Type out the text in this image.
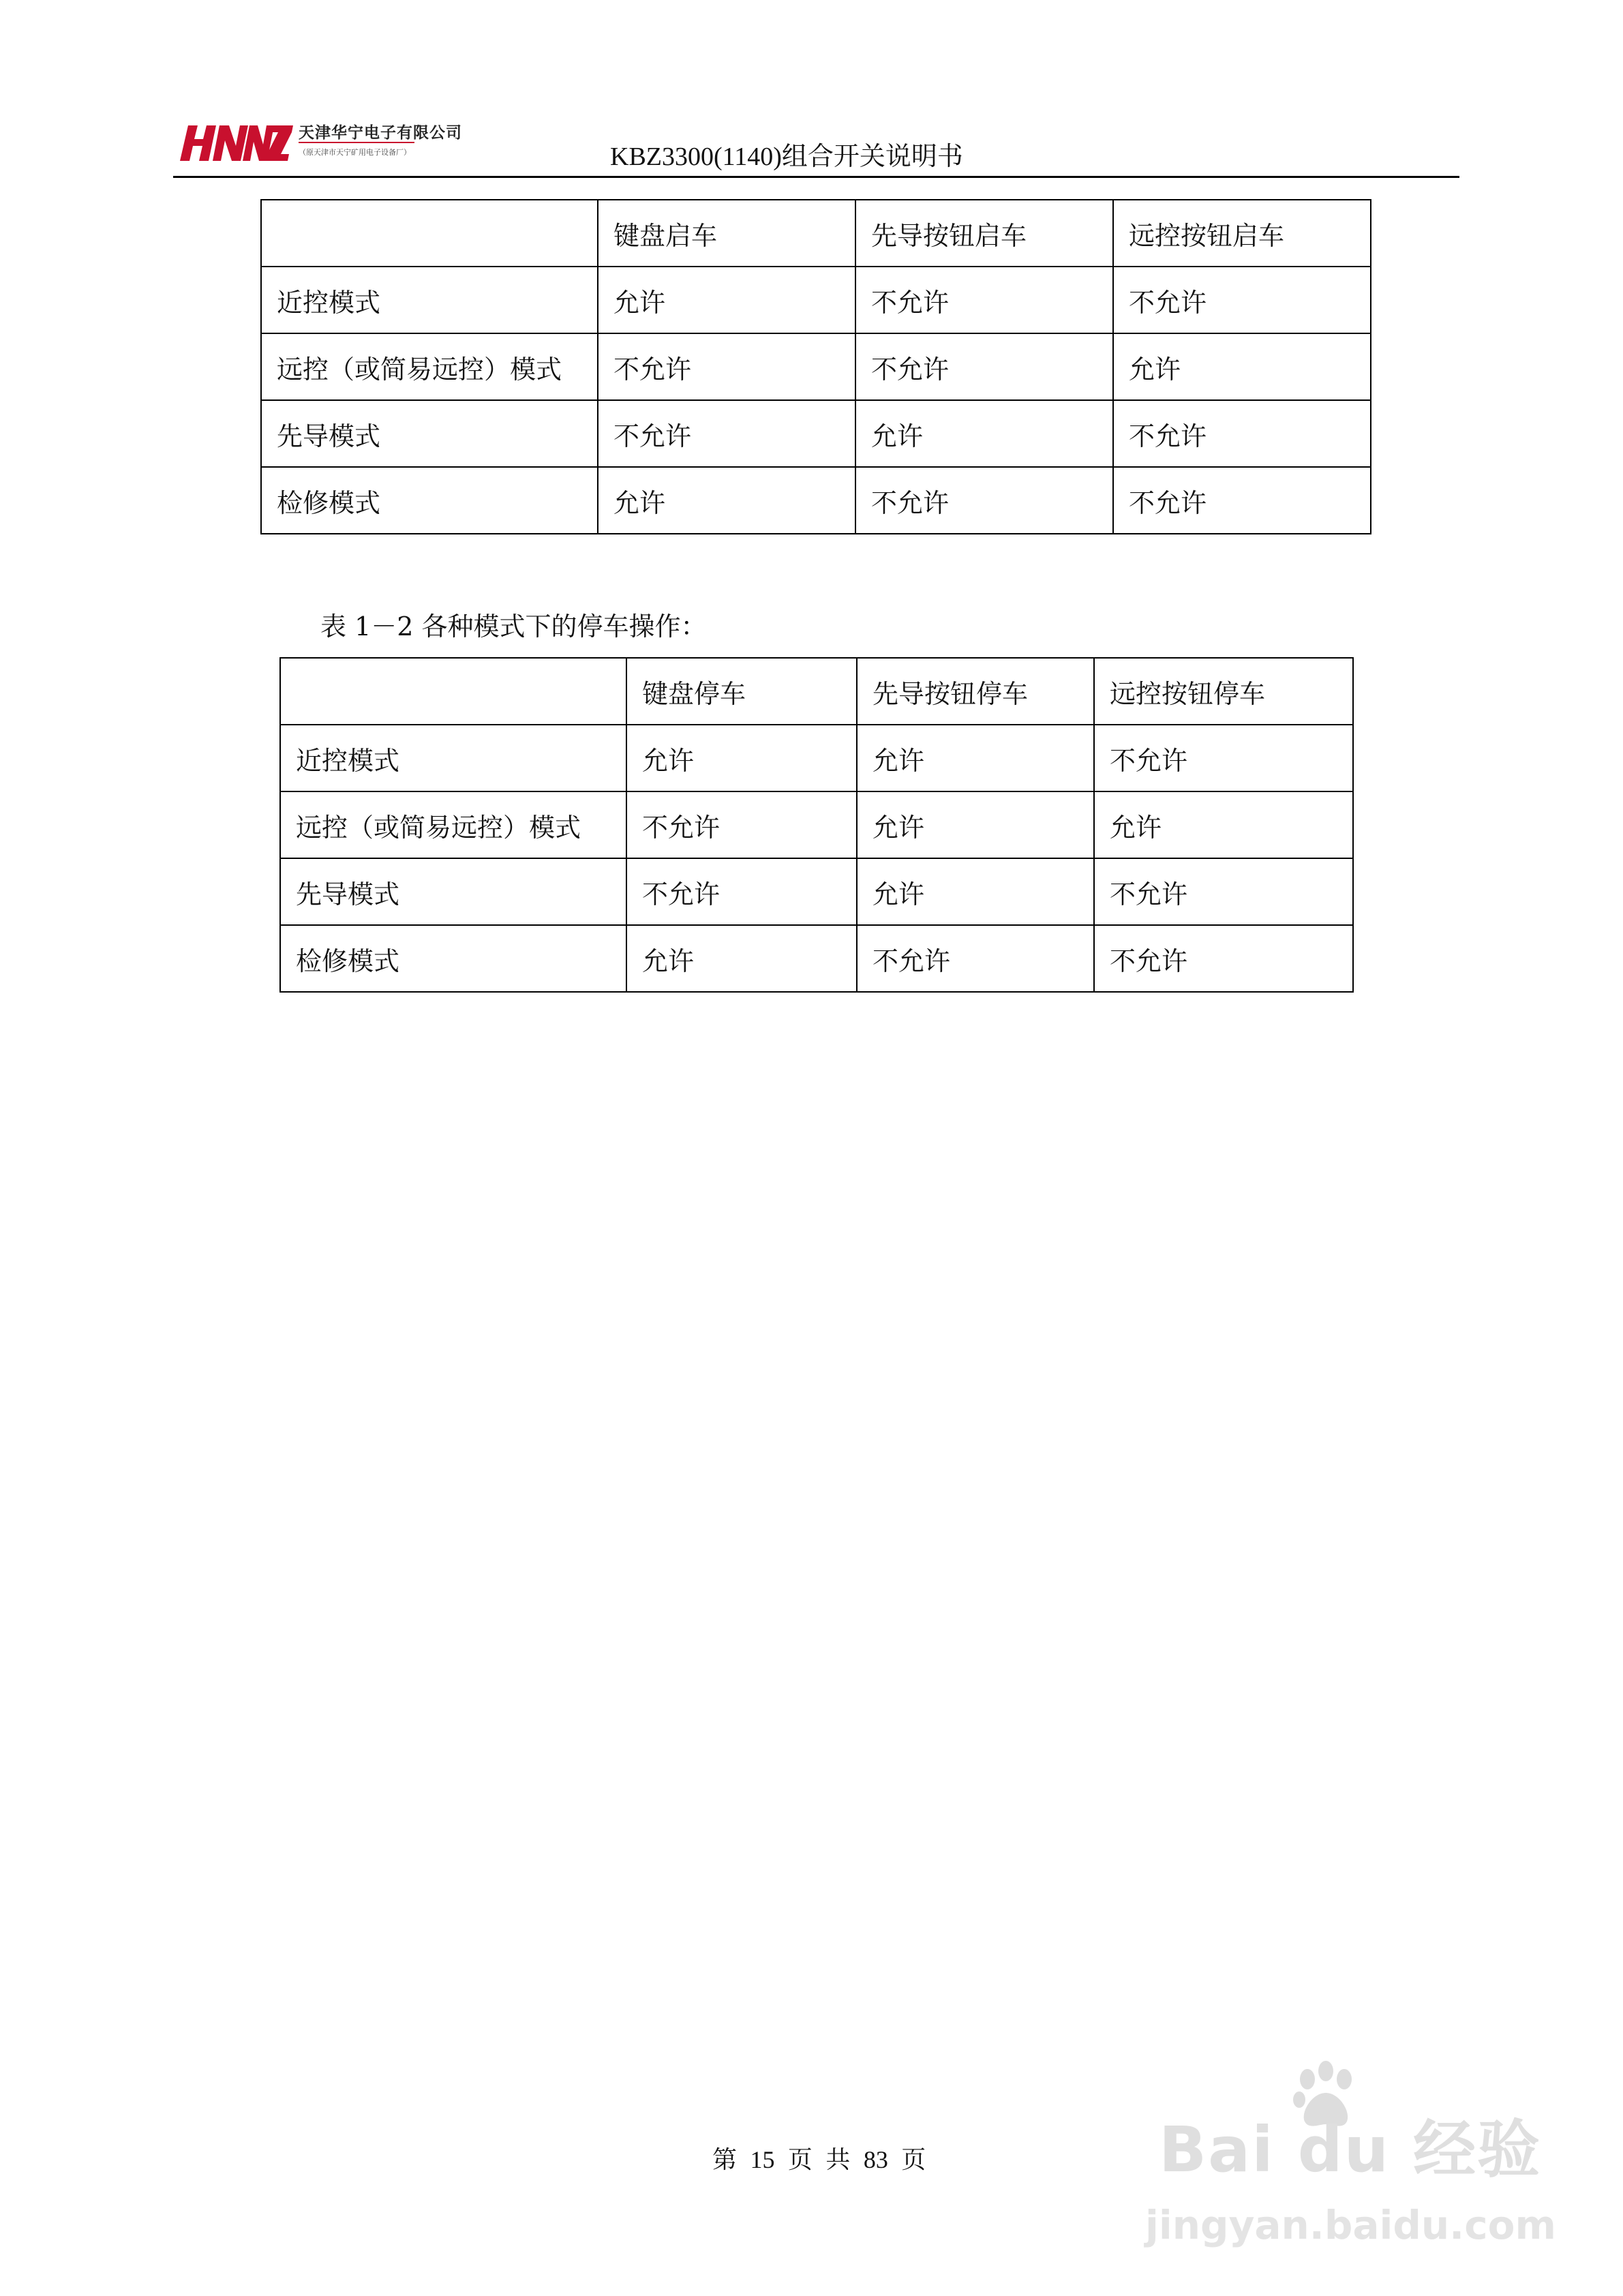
天津华宁电子有限公司
（原天津市天宁矿用电子设备厂）	KBZ3300(1140)组合开关说明书
	键盘启车	先导按钮启车	远控按钮启车
近控模式	允许	不允许	不允许
远控（或简易远控）模式	不允许	不允许	允许
先导模式	不允许	允许	不允许
检修模式	允许	不允许	不允许
表 1－2 各种模式下的停车操作：
	键盘停车	先导按钮停车	远控按钮停车
近控模式	允许	允许	不允许
远控（或简易远控）模式	不允许	允许	允许
先导模式	不允许	允许	不允许
检修模式	允许	不允许	不允许
第 15 页 共 83 页	Bai du 经验
jingyan.baidu.com
